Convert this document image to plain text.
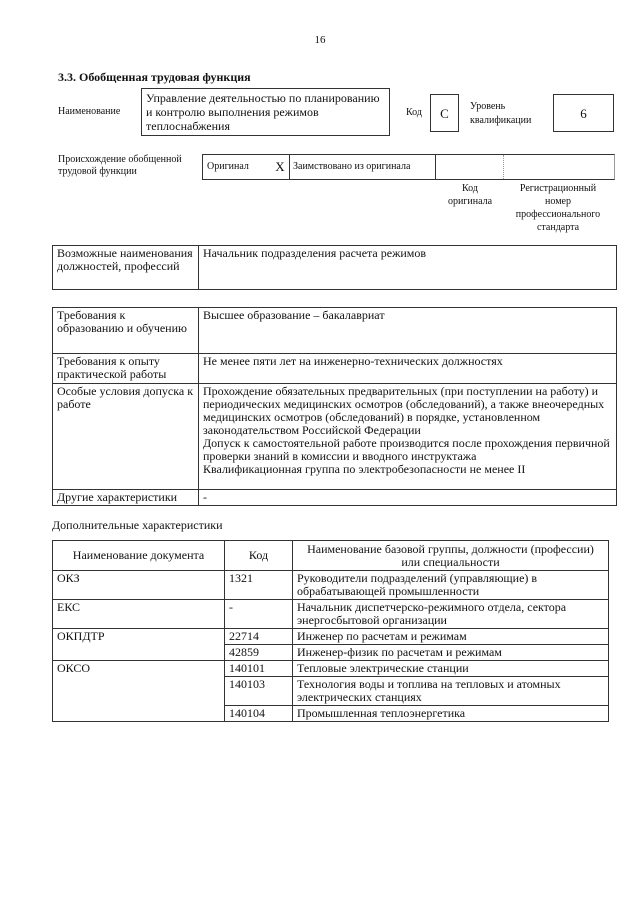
16
3.3. Обобщенная трудовая функция
Наименование
Управление деятельностью по планированию и контролю выполнения режимов теплоснабжения
Код	C	Уровень квалификации	6
Происхождение обобщенной трудовой функции	Оригинал X Заимствовано из оригинала
Код оригинала
Регистрационный номер профессионального стандарта
Возможные наименования должностей, профессий	Начальник подразделения расчета режимов
Требования к образованию и обучению	Высшее образование – бакалавриат
Требования к опыту практической работы	Не менее пяти лет на инженерно-технических должностях
Особые условия допуска к работе	Прохождение обязательных предварительных (при поступлении на работу) и периодических медицинских осмотров (обследований), а также внеочередных медицинских осмотров (обследований) в порядке, установленном законодательством Российской Федерации
Допуск к самостоятельной работе производится после прохождения первичной проверки знаний в комиссии и вводного инструктажа
Квалификационная группа по электробезопасности не менее II

Другие характеристики	-
Дополнительные характеристики
Наименование документа	Код	Наименование базовой группы, должности (профессии) или специальности
ОКЗ	1321	Руководители подразделений (управляющие) в обрабатывающей промышленности
ЕКС	-	Начальник диспетчерско-режимного отдела, сектора энергосбытовой организации
ОКПДТР	22714	Инженер по расчетам и режимам
	42859	Инженер-физик по расчетам и режимам
ОКСО	140101	Тепловые электрические станции
	140103	Технология воды и топлива на тепловых и атомных электрических станциях
	140104	Промышленная теплоэнергетика
